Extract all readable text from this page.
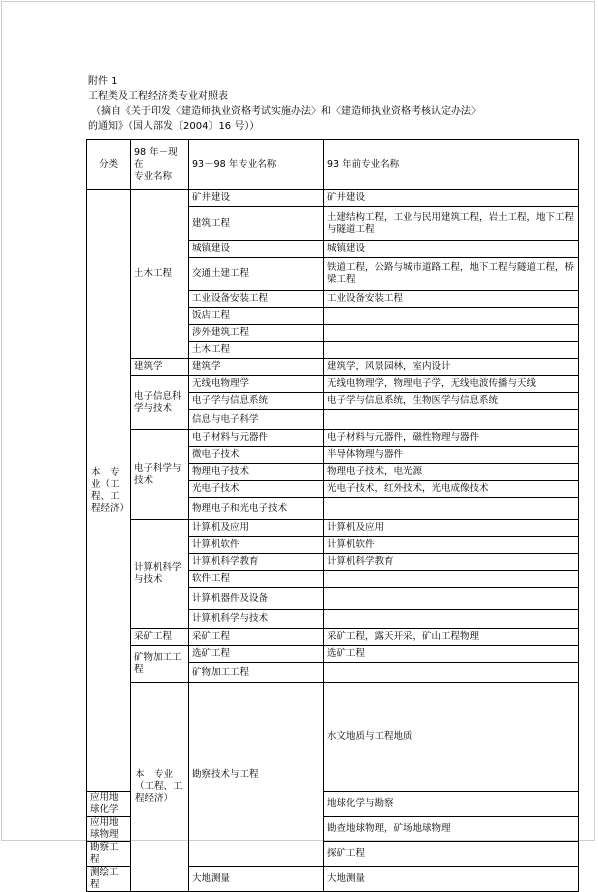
附件 1
工程类及工程经济类专业对照表
（摘自《关于印发〈建造师执业资格考试实施办法〉和〈建造师执业资格考核认定办法〉
的通知》（国人部发〔2004〕16 号））
分类	98 年－现
在
专业名称	93－98 年专业名称	93 年前专业名称	
本　专业（工程、工程经济）	土木工程	矿井建设	矿井建设	
		建筑工程	土建结构工程，工业与民用建筑工程，岩土工程，地下工程与隧道工程	
		城镇建设	城镇建设	
		交通土建工程	铁道工程，公路与城市道路工程，地下工程与隧道工程，桥梁工程	
		工业设备安装工程	工业设备安装工程	
		饭店工程		
		涉外建筑工程		
		土木工程		
	建筑学	建筑学	建筑学，风景园林，室内设计	
	电子信息科学与技术	无线电物理学	无线电物理学，物理电子学，无线电波传播与天线	
		电子学与信息系统	电子学与信息系统，生物医学与信息系统	
		信息与电子科学		
	电子科学与技术	电子材料与元器件	电子材料与元器件，磁性物理与器件	
		微电子技术	半导体物理与器件	
		物理电子技术	物理电子技术，电光源	
		光电子技术	光电子技术，红外技术，光电成像技术	
		物理电子和光电子技术		
	计算机科学与技术	计算机及应用	计算机及应用	
		计算机软件	计算机软件	
		计算机科学教育	计算机科学教育	
		软件工程		
		计算机器件及设备		
		计算机科学与技术		
	采矿工程	采矿工程	采矿工程，露天开采，矿山工程物理	
	矿物加工工程	选矿工程	选矿工程	
		矿物加工工程		
	本　专业（工程、工程经济）	勘察技术与工程	水文地质与工程地质	
应用地球化学			地球化学与勘察	
应用地球物理			勘查地球物理，矿场地球物理	
勘察工程			探矿工程	
测绘工程		大地测量	大地测量	
